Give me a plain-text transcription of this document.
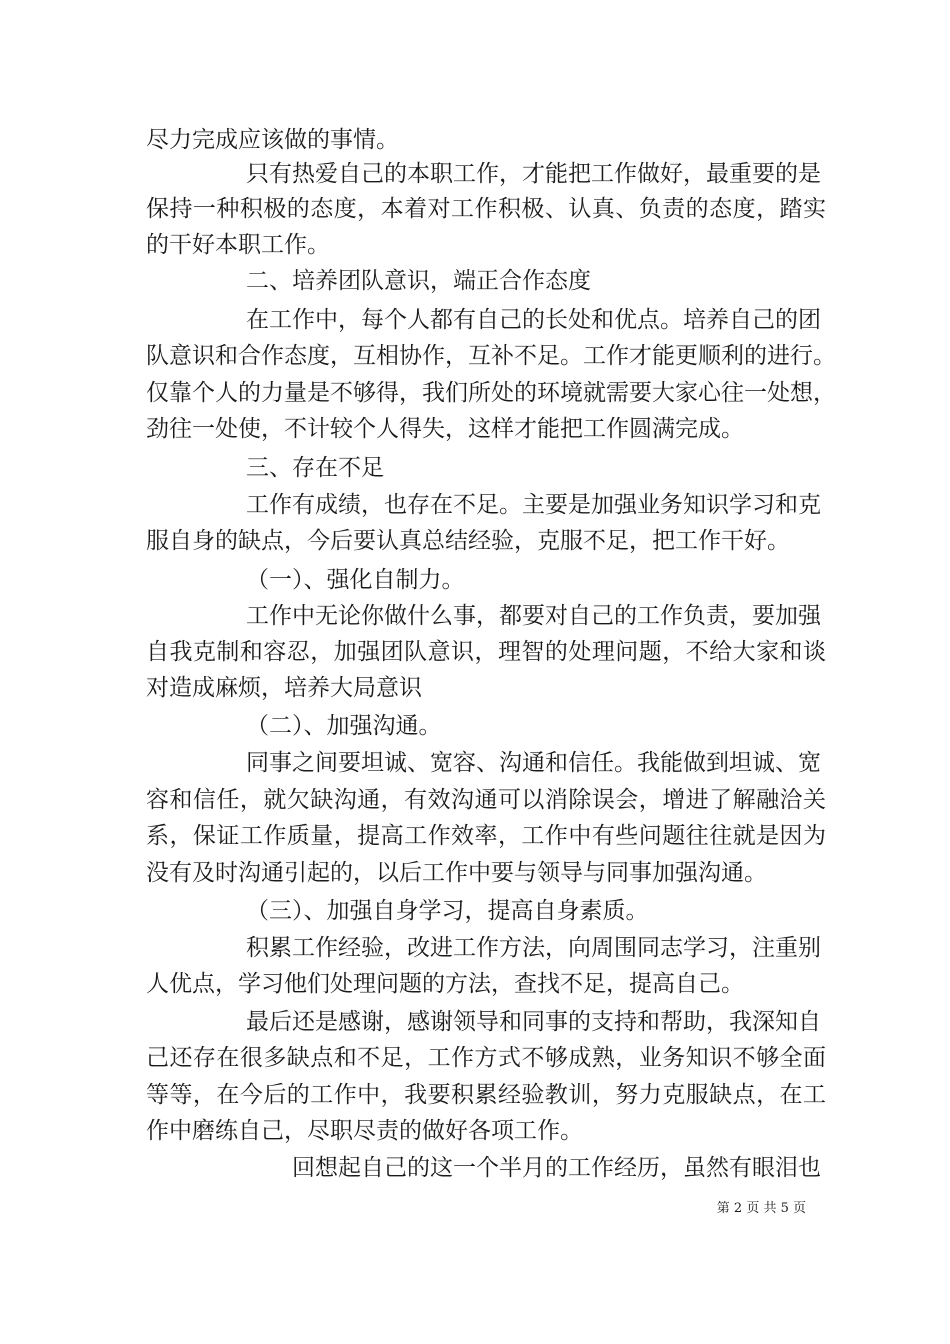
尽力完成应该做的事情。
只有热爱自己的本职工作，才能把工作做好，最重要的是
保持一种积极的态度，本着对工作积极、认真、负责的态度，踏实
的干好本职工作。
二、培养团队意识，端正合作态度
在工作中，每个人都有自己的长处和优点。培养自己的团
队意识和合作态度，互相协作，互补不足。工作才能更顺利的进行。
仅靠个人的力量是不够得，我们所处的环境就需要大家心往一处想，
劲往一处使，不计较个人得失，这样才能把工作圆满完成。
三、存在不足
工作有成绩，也存在不足。主要是加强业务知识学习和克
服自身的缺点，今后要认真总结经验，克服不足，把工作干好。
（一）、强化自制力。
工作中无论你做什么事，都要对自己的工作负责，要加强
自我克制和容忍，加强团队意识，理智的处理问题，不给大家和谈
对造成麻烦，培养大局意识
（二）、加强沟通。
同事之间要坦诚、宽容、沟通和信任。我能做到坦诚、宽
容和信任，就欠缺沟通，有效沟通可以消除误会，增进了解融洽关
系，保证工作质量，提高工作效率，工作中有些问题往往就是因为
没有及时沟通引起的，以后工作中要与领导与同事加强沟通。
（三）、加强自身学习，提高自身素质。
积累工作经验，改进工作方法，向周围同志学习，注重别
人优点，学习他们处理问题的方法，查找不足，提高自己。
最后还是感谢，感谢领导和同事的支持和帮助，我深知自
己还存在很多缺点和不足，工作方式不够成熟，业务知识不够全面
等等，在今后的工作中，我要积累经验教训，努力克服缺点，在工
作中磨练自己，尽职尽责的做好各项工作。
回想起自己的这一个半月的工作经历，虽然有眼泪也
第 2 页 共 5 页
